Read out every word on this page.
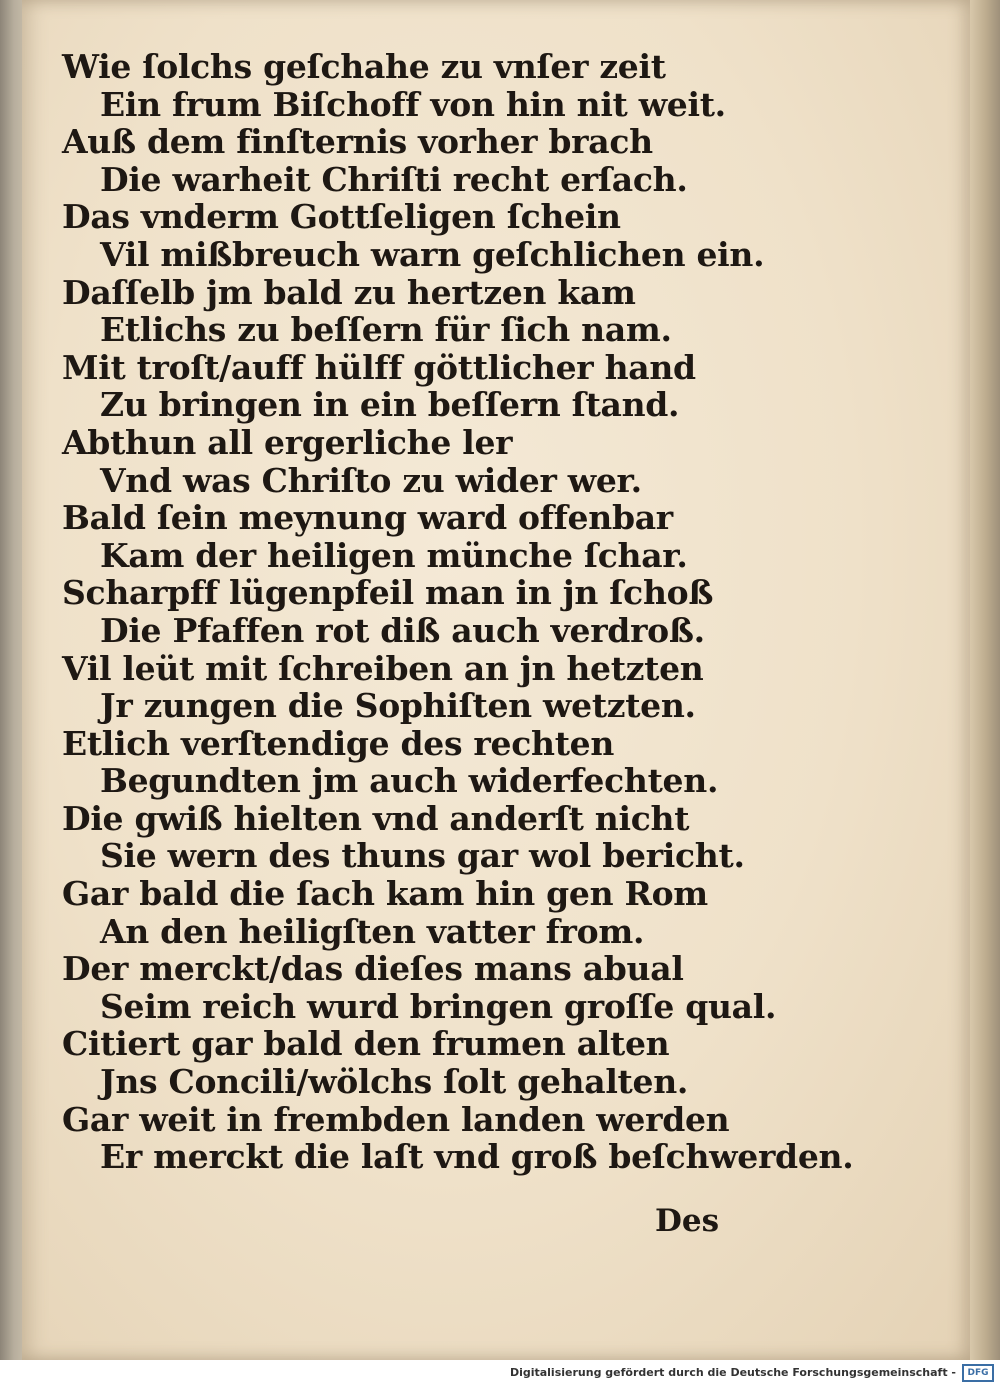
Wie ſolchs geſchahe zu vnſer zeit
Ein frum Biſchoff von hin nit weit.
Auß dem finſternis vorher brach
Die warheit Chriſti recht erſach.
Das vnderm Gottſeligen ſchein
Vil mißbreuch warn geſchlichen ein.
Daſſelb jm bald zu hertzen kam
Etlichs zu beſſern für ſich nam.
Mit troſt/auff hülff göttlicher hand
Zu bringen in ein beſſern ſtand.
Abthun all ergerliche ler
Vnd was Chriſto zu wider wer.
Bald ſein meynung ward offenbar
Kam der heiligen münche ſchar.
Scharpff lügenpfeil man in jn ſchoß
Die Pfaffen rot diß auch verdroß.
Vil leüt mit ſchreiben an jn hetzten
Jr zungen die Sophiſten wetzten.
Etlich verſtendige des rechten
Begundten jm auch widerfechten.
Die gwiß hielten vnd anderſt nicht
Sie wern des thuns gar wol bericht.
Gar bald die ſach kam hin gen Rom
An den heiligſten vatter from.
Der merckt/das dieſes mans abual
Seim reich wurd bringen groſſe qual.
Citiert gar bald den frumen alten
Jns Concili/wölchs ſolt gehalten.
Gar weit in frembden landen werden
Er merckt die laſt vnd groß beſchwerden.
Des
Digitalisierung gefördert durch die Deutsche Forschungsgemeinschaft -	DFG
